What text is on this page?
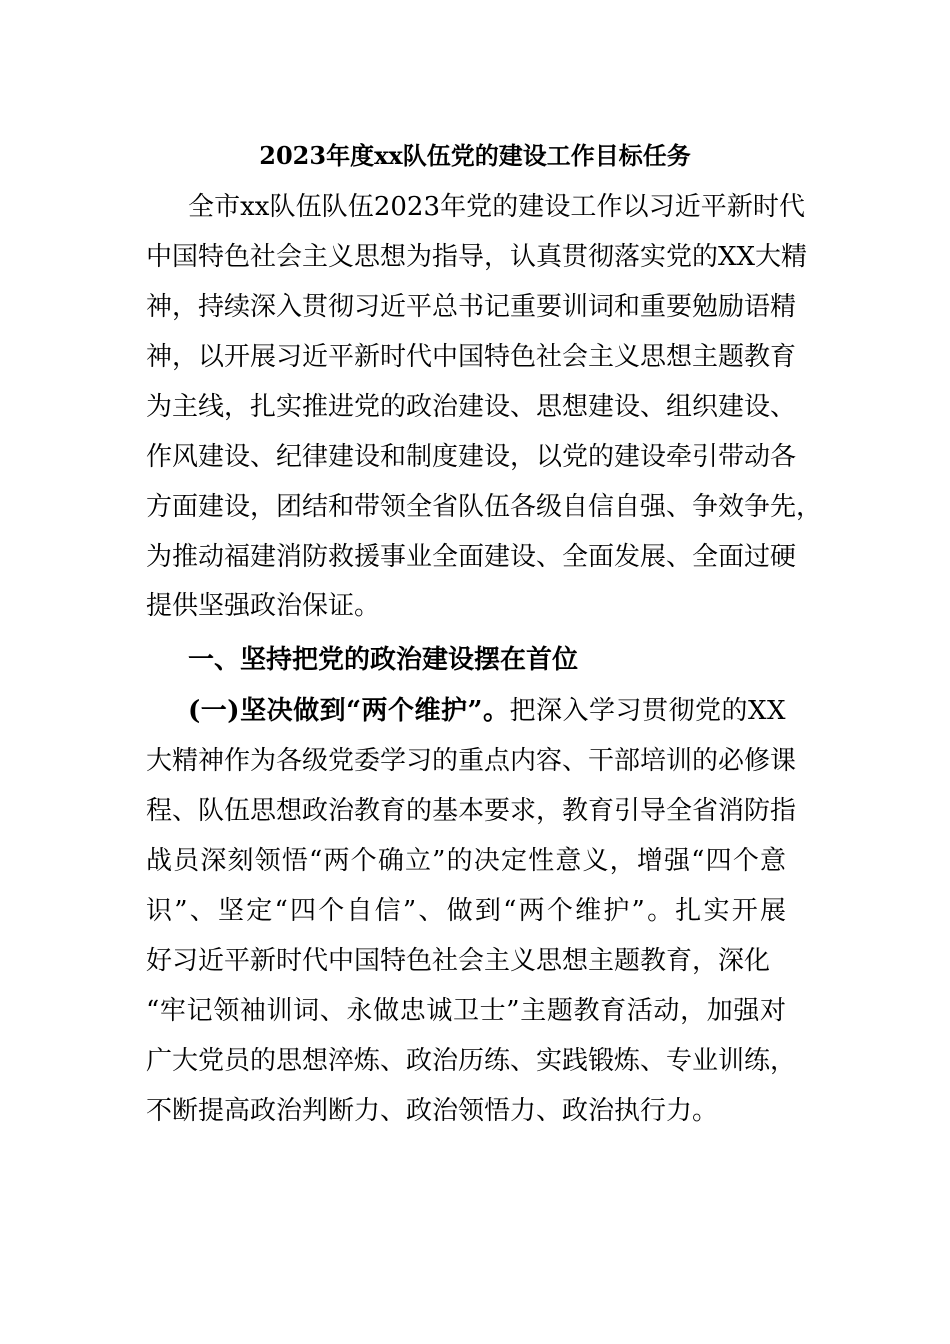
2023年度xx队伍党的建设工作目标任务
全市xx队伍队伍2023年党的建设工作以习近平新时代
中国特色社会主义思想为指导，认真贯彻落实党的XX大精
神，持续深入贯彻习近平总书记重要训词和重要勉励语精
神，以开展习近平新时代中国特色社会主义思想主题教育
为主线，扎实推进党的政治建设、思想建设、组织建设、
作风建设、纪律建设和制度建设，以党的建设牵引带动各
方面建设，团结和带领全省队伍各级自信自强、争效争先，
为推动福建消防救援事业全面建设、全面发展、全面过硬
提供坚强政治保证。
一、坚持把党的政治建设摆在首位
(一)坚决做到“两个维护”。把深入学习贯彻党的XX
大精神作为各级党委学习的重点内容、干部培训的必修课
程、队伍思想政治教育的基本要求，教育引导全省消防指
战员深刻领悟“两个确立”的决定性意义，增强“四个意
识”、坚定“四个自信”、做到“两个维护”。扎实开展
好习近平新时代中国特色社会主义思想主题教育，深化
“牢记领袖训词、永做忠诚卫士”主题教育活动，加强对
广大党员的思想淬炼、政治历练、实践锻炼、专业训练，
不断提高政治判断力、政治领悟力、政治执行力。
